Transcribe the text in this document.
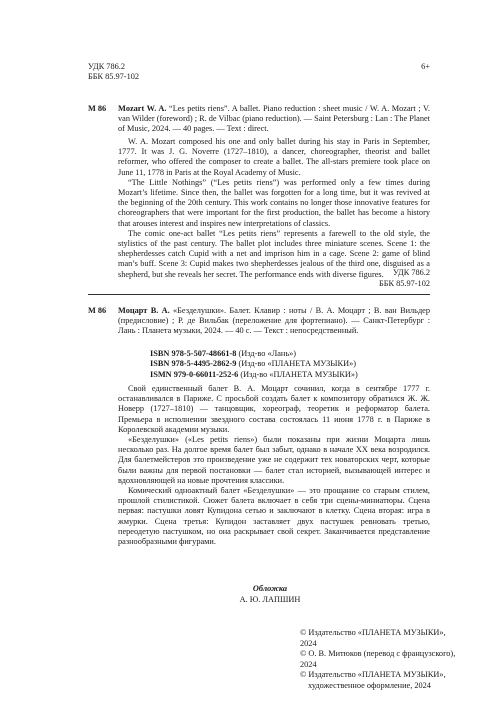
УДК 786.2
ББК 85.97-102
6+
M 86 Mozart W. A. “Les petits riens”. A ballet. Piano reduction : sheet music / W. A. Mozart ; V. van Wilder (foreword) ; R. de Vilbac (piano reduction). — Saint Petersburg : Lan : The Planet of Music, 2024. — 40 pages. — Text : direct.

W. A. Mozart composed his one and only ballet during his stay in Paris in September, 1777. It was J. G. Noverre (1727–1810), a dancer, choreographer, theorist and ballet reformer, who offered the composer to create a ballet. The all-stars premiere took place on June 11, 1778 in Paris at the Royal Academy of Music.

“The Little Nothings” (“Les petits riens”) was performed only a few times during Mozart’s lifetime. Since then, the ballet was forgotten for a long time, but it was revived at the beginning of the 20th century. This work contains no longer those innovative features for choreographers that were important for the first production, the ballet has become a history that arouses interest and inspires new interpretations of classics.

The comic one-act ballet “Les petits riens” represents a farewell to the old style, the stylistics of the past century. The ballet plot includes three miniature scenes. Scene 1: the shepherdesses catch Cupid with a net and imprison him in a cage. Scene 2: game of blind man’s buff. Scene 3: Cupid makes two shepherdesses jealous of the third one, disguised as a shepherd, but she reveals her secret. The performance ends with diverse figures.	УДК 786.2
ББК 85.97-102
М 86 Моцарт В. А. «Безделушки». Балет. Клавир : ноты / В. А. Моцарт ; В. ван Вильдер (предисловие) ; Р. де Вильбак (переложение для фортепиано). — Санкт-Петербург : Лань : Планета музыки, 2024. — 40 с. — Текст : непосредственный.
ISBN 978-5-507-48661-8 (Изд-во «Лань»)
ISBN 978-5-4495-2862-9 (Изд-во «ПЛАНЕТА МУЗЫКИ»)
ISMN 979-0-66011-252-6 (Изд-во «ПЛАНЕТА МУЗЫКИ»)

Свой единственный балет В. А. Моцарт сочинил, когда в сентябре 1777 г. останавливался в Париже. С просьбой создать балет к композитору обратился Ж. Ж. Новерр (1727–1810) — танцовщик, хореограф, теоретик и реформатор балета. Премьера в исполнении звездного состава состоялась 11 июня 1778 г. в Париже в Королевской академии музыки.

«Безделушки» («Les petits riens») были показаны при жизни Моцарта лишь несколько раз. На долгое время балет был забыт, однако в начале XX века возродился. Для балетмейстеров это произведение уже не содержит тех новаторских черт, которые были важны для первой постановки — балет стал историей, вызывающей интерес и вдохновляющей на новые прочтения классики.

Комический одноактный балет «Безделушки» — это прощание со старым стилем, прошлой стилистикой. Сюжет балета включает в себя три сцены-миниатюры. Сцена первая: пастушки ловят Купидона сетью и заключают в клетку. Сцена вторая: игра в жмурки. Сцена третья: Купидон заставляет двух пастушек ревновать третью, переодетую пастушком, но она раскрывает свой секрет. Заканчивается представление разнообразными фигурами.

Обложка
А. Ю. ЛАПШИН
© Издательство «ПЛАНЕТА МУЗЫКИ», 2024
© О. В. Митюков (перевод с французского), 2024
© Издательство «ПЛАНЕТА МУЗЫКИ»,
художественное оформление, 2024
